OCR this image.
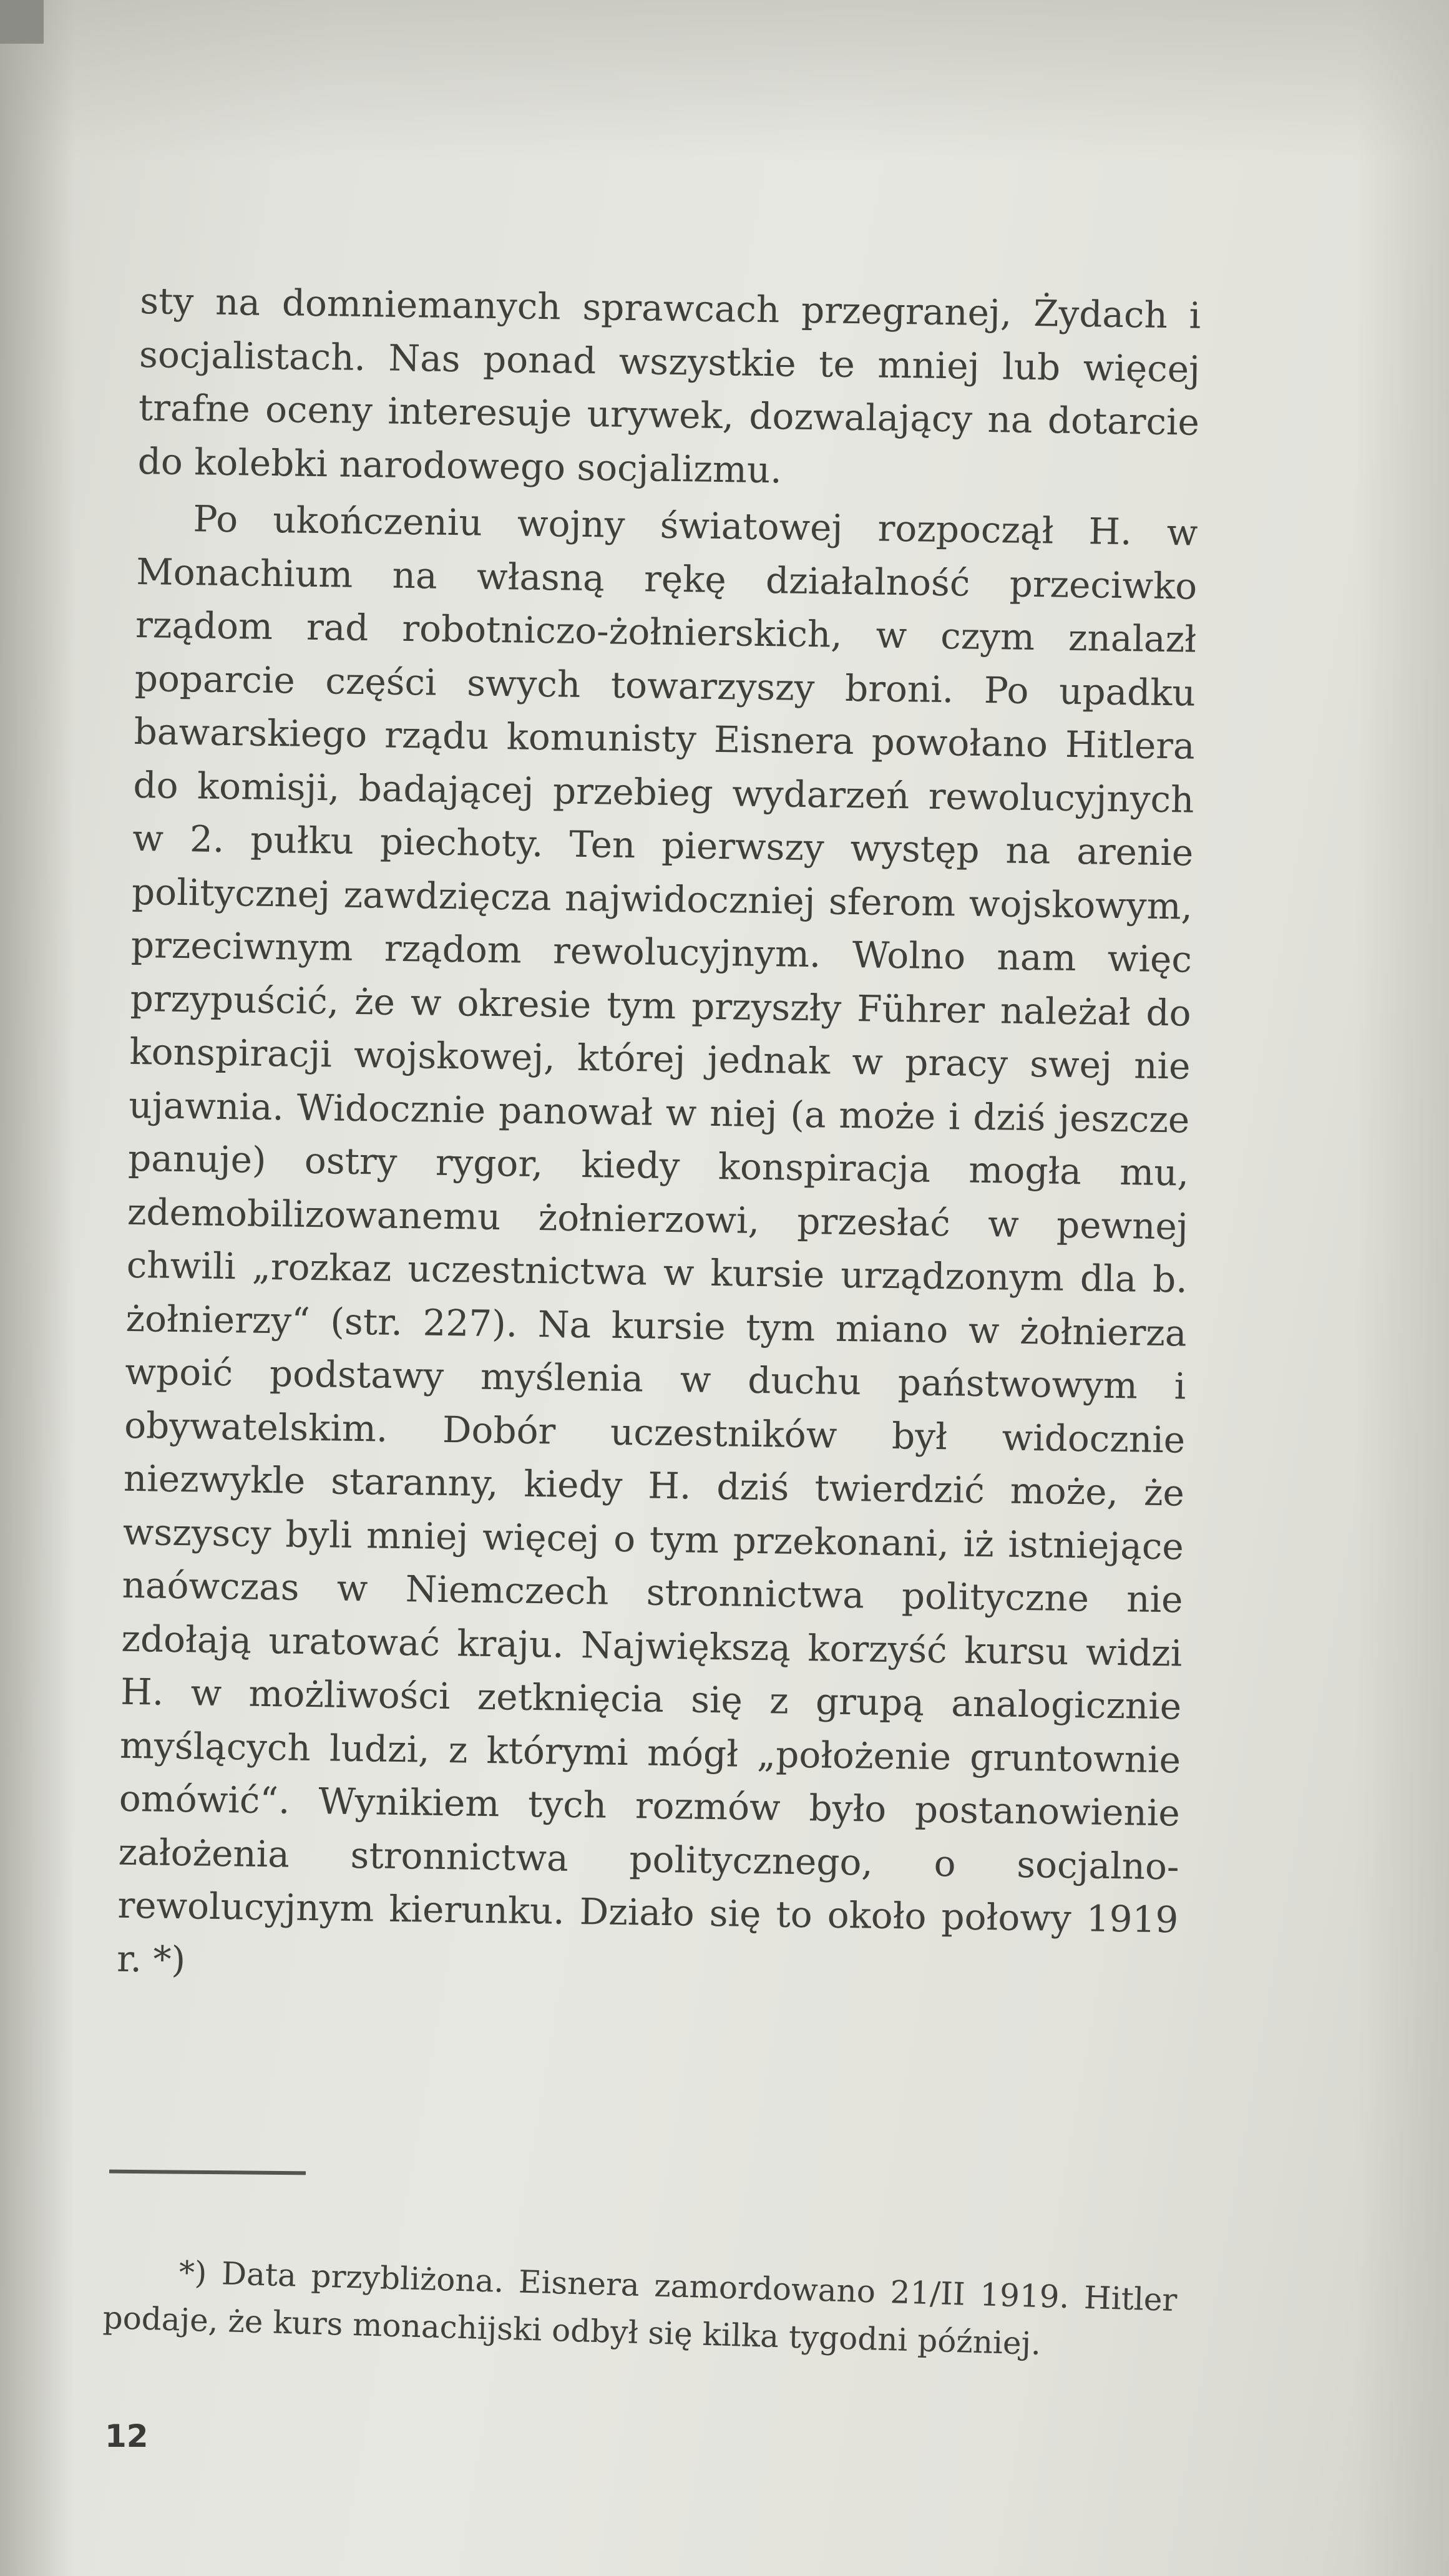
sty na domniemanych sprawcach przegranej, Żydach i socjalistach. Nas ponad wszystkie te mniej lub więcej trafne oceny interesuje urywek, dozwalający na dotarcie do kolebki narodowego socjalizmu.

Po ukończeniu wojny światowej rozpoczął H. w Monachium na własną rękę działalność przeciwko rządom rad robotniczo-żołnierskich, w czym znalazł poparcie części swych towarzyszy broni. Po upadku bawarskiego rządu komunisty Eisnera powołano Hitlera do komisji, badającej przebieg wydarzeń rewolucyjnych w 2. pułku piechoty. Ten pierwszy występ na arenie politycznej zawdzięcza najwidoczniej sferom wojskowym, przeciwnym rządom rewolucyjnym. Wolno nam więc przypuścić, że w okresie tym przyszły Führer należał do konspiracji wojskowej, której jednak w pracy swej nie ujawnia. Widocznie panował w niej (a może i dziś jeszcze panuje) ostry rygor, kiedy konspiracja mogła mu, zdemobilizowanemu żołnierzowi, przesłać w pewnej chwili „rozkaz uczestnictwa w kursie urządzonym dla b. żołnierzy“ (str. 227). Na kursie tym miano w żołnierza wpoić podstawy myślenia w duchu państwowym i obywatelskim. Dobór uczestników był widocznie niezwykle staranny, kiedy H. dziś twierdzić może, że wszyscy byli mniej więcej o tym przekonani, iż istniejące naówczas w Niemczech stronnictwa polityczne nie zdołają uratować kraju. Największą korzyść kursu widzi H. w możliwości zetknięcia się z grupą analogicznie myślących ludzi, z którymi mógł „położenie gruntownie omówić“. Wynikiem tych rozmów było postanowienie założenia stronnictwa politycznego, o socjalno-rewolucyjnym kierunku. Działo się to około połowy 1919 r. *)

*) Data przybliżona. Eisnera zamordowano 21/II 1919. Hitler podaje, że kurs monachijski odbył się kilka tygodni później.

12
